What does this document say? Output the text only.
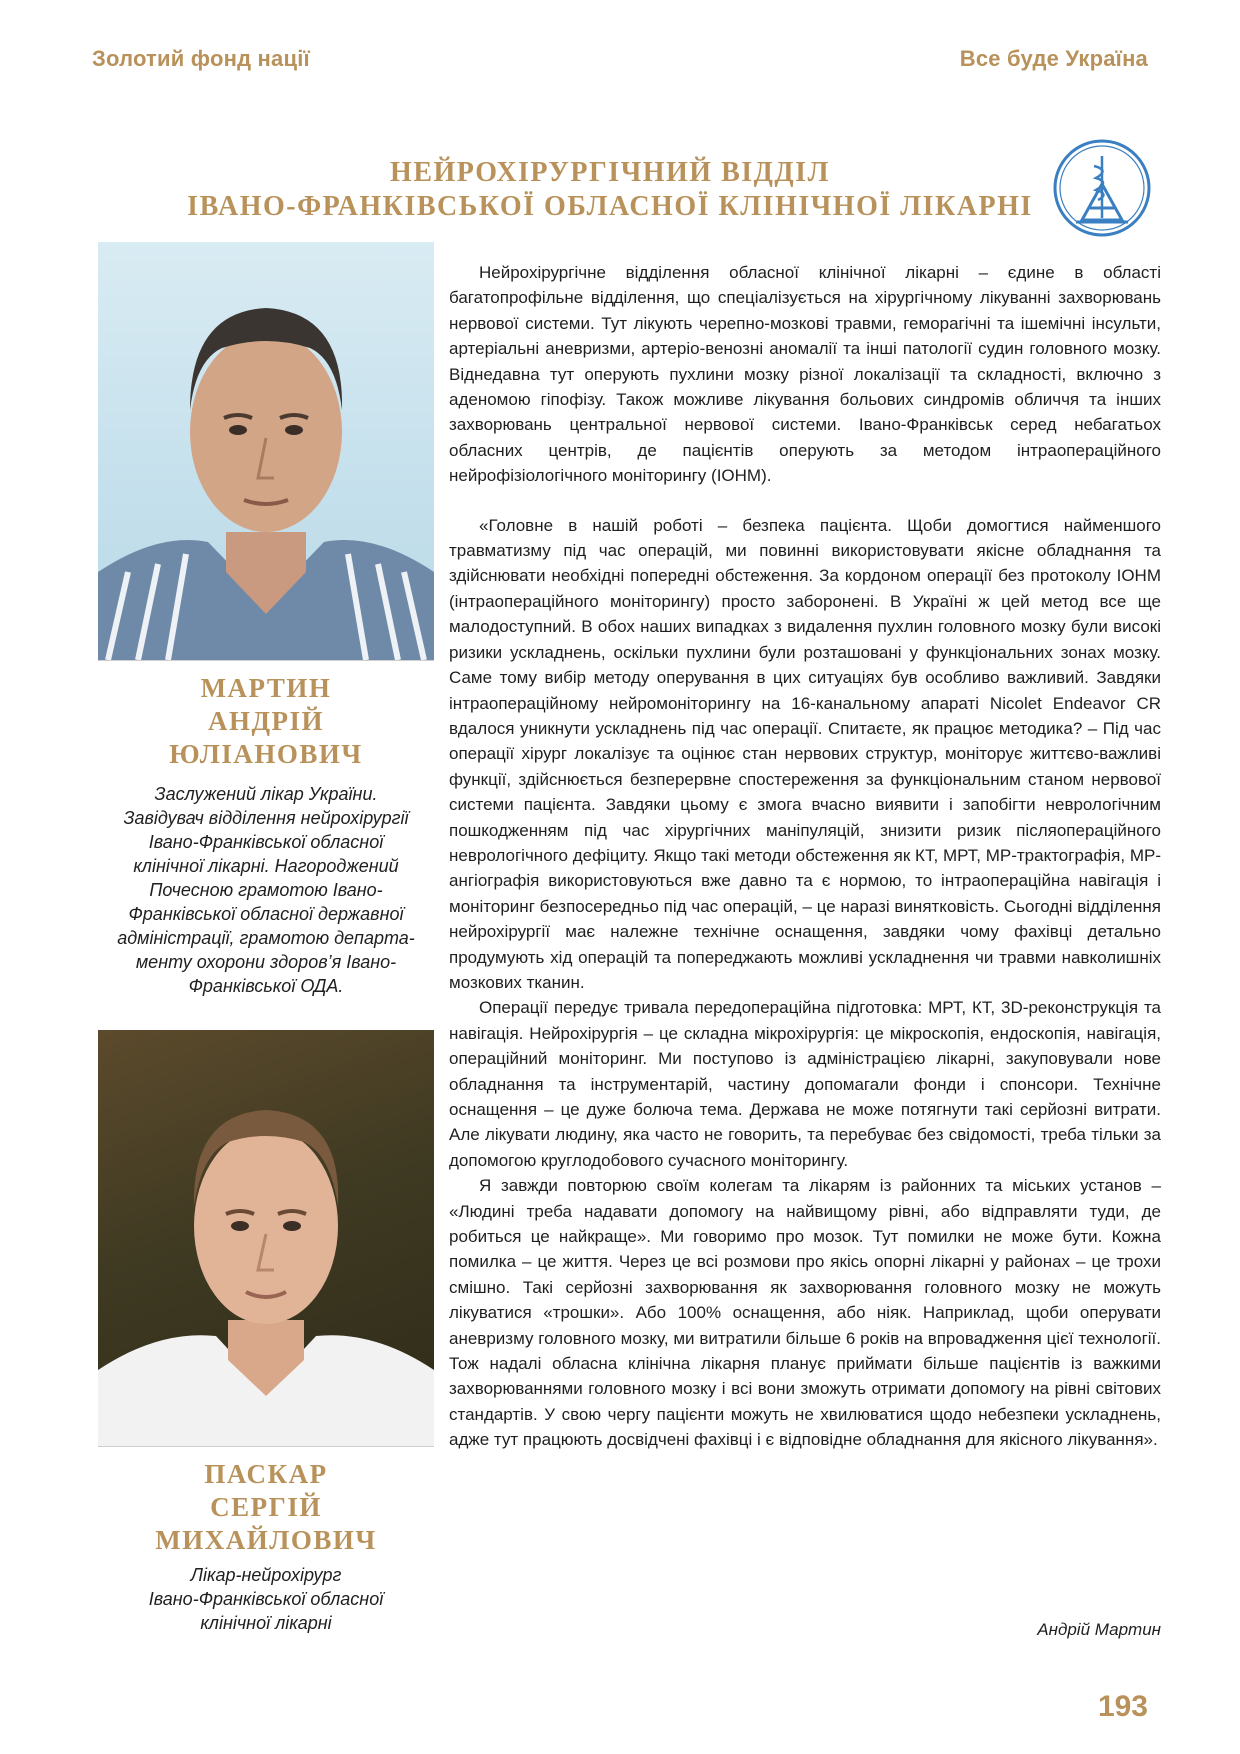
Золотий фонд нації	Все буде Україна
НЕЙРОХІРУРГІЧНИЙ ВІДДІЛ
ІВАНО-ФРАНКІВСЬКОЇ ОБЛАСНОЇ КЛІНІЧНОЇ ЛІКАРНІ
МАРТИН
АНДРІЙ
ЮЛІАНОВИЧ
Заслужений лікар України.
Завідувач відділення нейрохірургії
Івано-Франківської обласної
клінічної лікарні. Нагороджений
Почесною грамотою Івано-
Франківської обласної державної
адміністрації, грамотою департа-
менту охорони здоров’я Івано-
Франківської ОДА.
ПАСКАР
СЕРГІЙ
МИХАЙЛОВИЧ
Лікар-нейрохірург
Івано-Франківської обласної
клінічної лікарні

Нейрохірургічне відділення обласної клінічної лікарні – єдине в області багатопрофільне відділення, що спеціалізується на хірургічному лікуванні захворювань нервової системи. Тут лікують черепно-мозкові травми, геморагічні та ішемічні інсульти, артеріальні аневризми, артеріо-венозні аномалії та інші патології судин головного мозку. Віднедавна тут оперують пухлини мозку різної локалізації та складності, включно з аденомою гіпофізу. Також можливе лікування больових синдромів обличчя та інших захворювань центральної нервової системи. Івано-Франківськ серед небагатьох обласних центрів, де пацієнтів оперують за методом інтраопераційного нейрофізіологічного моніторингу (ІОНМ).

«Головне в нашій роботі – безпека пацієнта. Щоби домогтися найменшого травматизму під час операцій, ми повинні використовувати якісне обладнання та здійснювати необхідні попередні обстеження. За кордоном операції без протоколу ІОНМ (інтраопераційного моніторингу) просто заборонені. В Україні ж цей метод все ще малодоступний. В обох наших випадках з видалення пухлин головного мозку були високі ризики ускладнень, оскільки пухлини були розташовані у функціональних зонах мозку. Саме тому вибір методу оперування в цих ситуаціях був особливо важливий. Завдяки інтраопераційному нейромоніторингу на 16-канальному апараті Nicolet Endeavor CR вдалося уникнути ускладнень під час операції. Спитаєте, як працює методика? – Під час операції хірург локалізує та оцінює стан нервових структур, моніторує життєво-важливі функції, здійснюється безперервне спостереження за функціональним станом нервової системи пацієнта. Завдяки цьому є змога вчасно виявити і запобігти неврологічним пошкодженням під час хірургічних маніпуляцій, знизити ризик післяопераційного неврологічного дефіциту. Якщо такі методи обстеження як КТ, МРТ, МР-трактографія, МР-ангіографія використовуються вже давно та є нормою, то інтраопераційна навігація і моніторинг безпосередньо під час операцій, – це наразі винятковість. Сьогодні відділення нейрохірургії має належне технічне оснащення, завдяки чому фахівці детально продумують хід операцій та попереджають можливі ускладнення чи травми навколишніх мозкових тканин.

Операції передує тривала передопераційна підготовка: МРТ, КТ, 3D-реконструкція та навігація. Нейрохірургія – це складна мікрохірургія: це мікроскопія, ендоскопія, навігація, операційний моніторинг. Ми поступово із адміністрацією лікарні, закуповували нове обладнання та інструментарій, частину допомагали фонди і спонсори. Технічне оснащення – це дуже болюча тема. Держава не може потягнути такі серйозні витрати. Але лікувати людину, яка часто не говорить, та перебуває без свідомості, треба тільки за допомогою круглодобового сучасного моніторингу.

Я завжди повторюю своїм колегам та лікарям із районних та міських установ – «Людині треба надавати допомогу на найвищому рівні, або відправляти туди, де робиться це найкраще». Ми говоримо про мозок. Тут помилки не може бути. Кожна помилка – це життя. Через це всі розмови про якісь опорні лікарні у районах – це трохи смішно. Такі серйозні захворювання як захворювання головного мозку не можуть лікуватися «трошки». Або 100% оснащення, або ніяк. Наприклад, щоби оперувати аневризму головного мозку, ми витратили більше 6 років на впровадження цієї технології. Тож надалі обласна клінічна лікарня планує приймати більше пацієнтів із важкими захворюваннями головного мозку і всі вони зможуть отримати допомогу на рівні світових стандартів. У свою чергу пацієнти можуть не хвилюватися щодо небезпеки ускладнень, адже тут працюють досвідчені фахівці і є відповідне обладнання для якісного лікування».

Андрій Мартин
193
